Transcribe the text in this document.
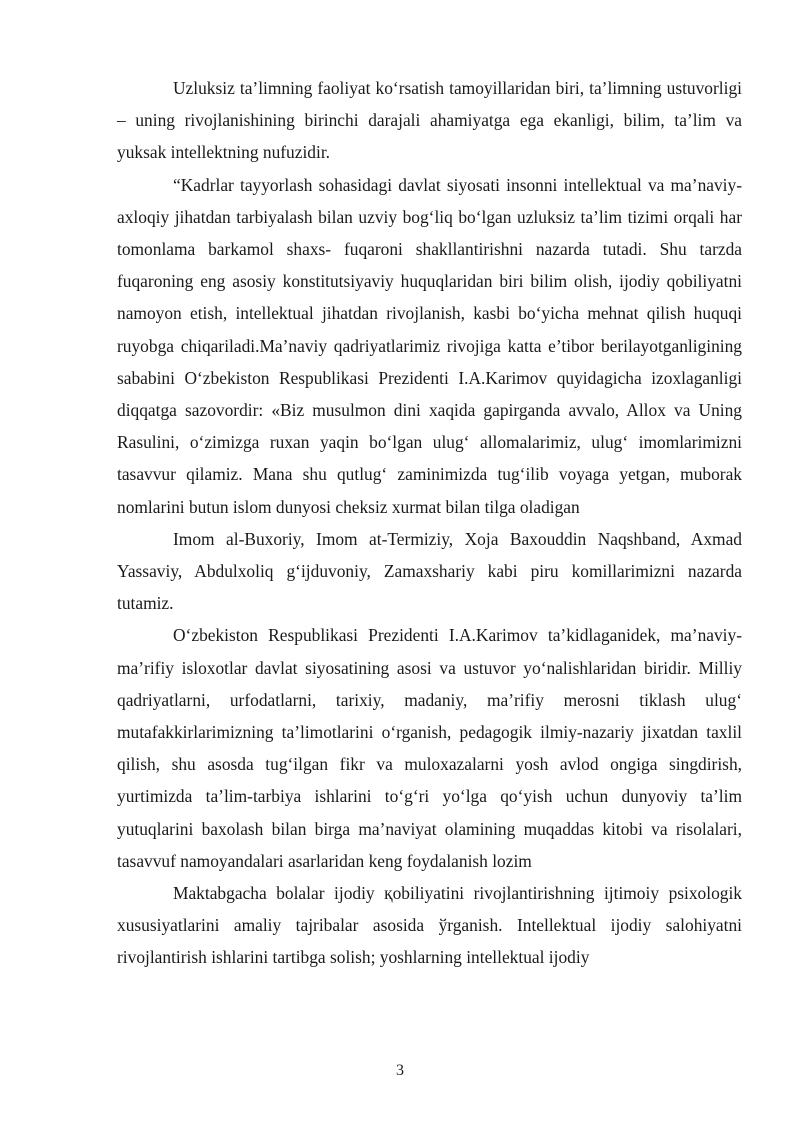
Uzluksiz ta’limning faoliyat ko‘rsatish tamoyillaridan biri, ta’limning ustuvorligi – uning rivojlanishining birinchi darajali ahamiyatga ega ekanligi, bilim, ta’lim va yuksak intellektning nufuzidir.

“Kadrlar tayyorlash sohasidagi davlat siyosati insonni intellektual va ma’naviy-axloqiy jihatdan tarbiyalash bilan uzviy bog‘liq bo‘lgan uzluksiz ta’lim tizimi orqali har tomonlama barkamol shaxs- fuqaroni shakllantirishni nazarda tutadi. Shu tarzda fuqaroning eng asosiy konstitutsiyaviy huquqlaridan biri bilim olish, ijodiy qobiliyatni namoyon etish, intellektual jihatdan rivojlanish, kasbi bo‘yicha mehnat qilish huquqi ruyobga chiqariladi.Ma’naviy qadriyatlarimiz rivojiga katta e’tibor berilayotganligining sababini O‘zbekiston Respublikasi Prezidenti I.A.Karimov quyidagicha izoxlaganligi diqqatga sazovordir: «Biz musulmon dini xaqida gapirganda avvalo, Allox va Uning Rasulini, o‘zimizga ruxan yaqin bo‘lgan ulug‘ allomalarimiz, ulug‘ imomlarimizni tasavvur qilamiz. Mana shu qutlug‘ zaminimizda tug‘ilib voyaga yetgan, muborak nomlarini butun islom dunyosi cheksiz xurmat bilan tilga oladigan

Imom al-Buxoriy, Imom at-Termiziy, Xoja Baxouddin Naqshband, Axmad Yassaviy, Abdulxoliq g‘ijduvoniy, Zamaxshariy kabi piru komillarimizni nazarda tutamiz.

O‘zbekiston Respublikasi Prezidenti I.A.Karimov ta’kidlaganidek, ma’naviy-ma’rifiy isloxotlar davlat siyosatining asosi va ustuvor yo‘nalishlaridan biridir. Milliy qadriyatlarni, urfodatlarni, tarixiy, madaniy, ma’rifiy merosni tiklash ulug‘ mutafakkirlarimizning ta’limotlarini o‘rganish, pedagogik ilmiy-nazariy jixatdan taxlil qilish, shu asosda tug‘ilgan fikr va muloxazalarni yosh avlod ongiga singdirish, yurtimizda ta’lim-tarbiya ishlarini to‘g‘ri yo‘lga qo‘yish uchun dunyoviy ta’lim yutuqlarini baxolash bilan birga ma’naviyat olamining muqaddas kitobi va risolalari, tasavvuf namoyandalari asarlaridan keng foydalanish lozim

Maktabgacha bolalar ijodiy қobiliyatini rivojlantirishning ijtimoiy psixologik xususiyatlarini amaliy tajribalar asosida ўrganish. Intellektual ijodiy salohiyatni rivojlantirish ishlarini tartibga solish; yoshlarning intellektual ijodiy

3
